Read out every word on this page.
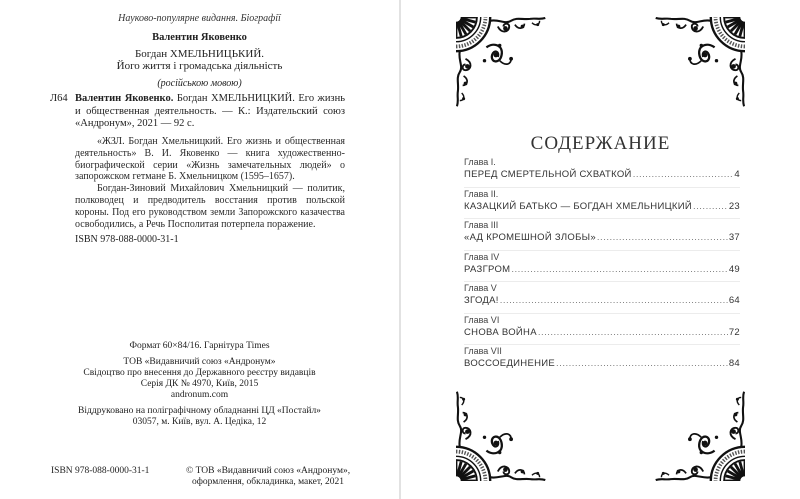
Науково-популярне видання. Біографії
Валентин Яковенко
Богдан ХМЕЛЬНИЦЬКИЙ.
Його життя і громадська діяльність
(російською мовою)
Л64 Валентин Яковенко. Богдан ХМЕЛЬНИЦКИЙ. Его жизнь и общественная деятельность. — К.: Издательский союз «Андронум», 2021 — 92 с.

«ЖЗЛ. Богдан Хмельницкий. Его жизнь и общественная деятельность» В. И. Яковенко — книга художественно-биографической серии «Жизнь замечательных людей» о запорожском гетмане Б. Хмельницком (1595–1657).

Богдан-Зиновий Михайлович Хмельницкий — политик, полководец и предводитель восстания против польской короны. Под его руководством земли Запорожского казачества освободились, а Речь Посполитая потерпела поражение.

ISBN 978-088-0000-31-1
Формат 60×84/16. Гарнітура Times
ТОВ «Видавничий союз «Андронум»
Свідоцтво про внесення до Державного реєстру видавців
Серія ДК № 4970, Київ, 2015
andronum.com
Віддруковано на поліграфічному обладнанні ЦД «Постайл»
03057, м. Київ, вул. А. Цедіка, 12
ISBN 978-088-0000-31-1	© ТОВ «Видавничий союз «Андронум»,
оформлення, обкладинка, макет, 2021
СОДЕРЖАНИЕ
Глава I.
ПЕРЕД СМЕРТЕЛЬНОЙ СХВАТКОЙ .....	4
Глава II.
КАЗАЦКИЙ БАТЬКО — БОГДАН ХМЕЛЬНИЦКИЙ .....	23
Глава III
«АД КРОМЕШНОЙ ЗЛОБЫ» .....	37
Глава IV
РАЗГРОМ .....	49
Глава V
ЗГОДА! .....	64
Глава VI
СНОВА ВОЙНА .....	72
Глава VII
ВОССОЕДИНЕНИЕ .....	84
